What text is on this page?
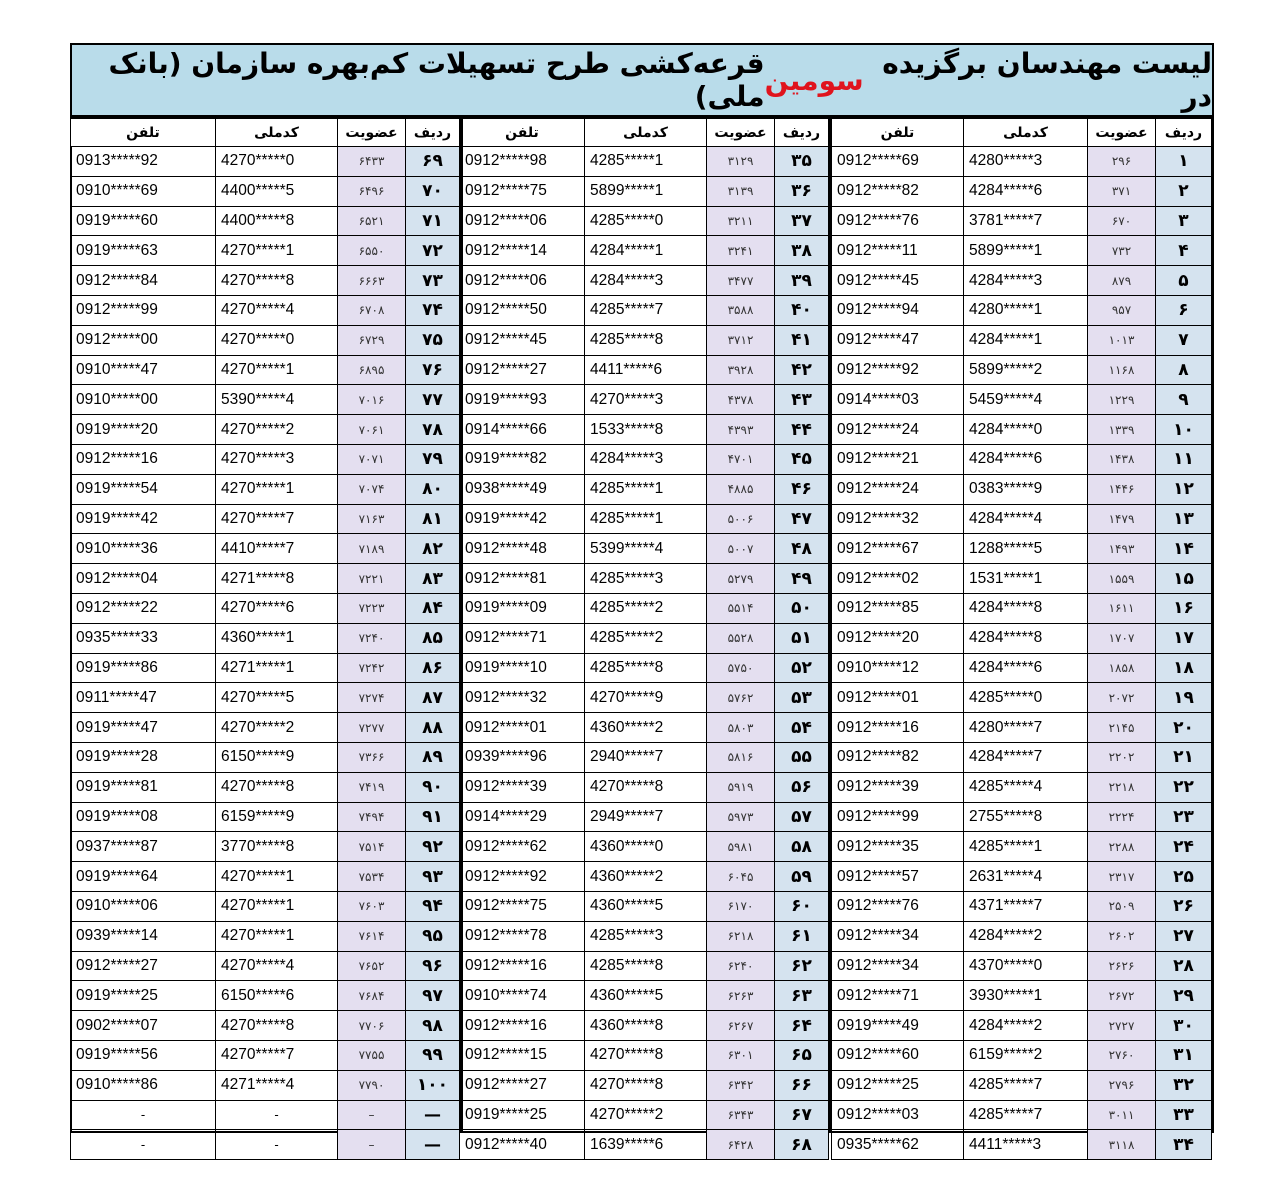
لیست مهندسان برگزیده در
سومین
قرعه‌کشی طرح تسهیلات کم‌بهره سازمان (بانک ملی)
ردیف	عضویت	کدملی	تلفن
۱	۲۹۶	4280*****3	0912*****69
۲	۳۷۱	4284*****6	0912*****82
۳	۶۷۰	3781*****7	0912*****76
۴	۷۳۲	5899*****1	0912*****11
۵	۸۷۹	4284*****3	0912*****45
۶	۹۵۷	4280*****1	0912*****94
۷	۱۰۱۳	4284*****1	0912*****47
۸	۱۱۶۸	5899*****2	0912*****92
۹	۱۲۲۹	5459*****4	0914*****03
۱۰	۱۳۳۹	4284*****0	0912*****24
۱۱	۱۴۳۸	4284*****6	0912*****21
۱۲	۱۴۴۶	0383*****9	0912*****24
۱۳	۱۴۷۹	4284*****4	0912*****32
۱۴	۱۴۹۳	1288*****5	0912*****67
۱۵	۱۵۵۹	1531*****1	0912*****02
۱۶	۱۶۱۱	4284*****8	0912*****85
۱۷	۱۷۰۷	4284*****8	0912*****20
۱۸	۱۸۵۸	4284*****6	0910*****12
۱۹	۲۰۷۲	4285*****0	0912*****01
۲۰	۲۱۴۵	4280*****7	0912*****16
۲۱	۲۲۰۲	4284*****7	0912*****82
۲۲	۲۲۱۸	4285*****4	0912*****39
۲۳	۲۲۲۴	2755*****8	0912*****99
۲۴	۲۲۸۸	4285*****1	0912*****35
۲۵	۲۳۱۷	2631*****4	0912*****57
۲۶	۲۵۰۹	4371*****7	0912*****76
۲۷	۲۶۰۲	4284*****2	0912*****34
۲۸	۲۶۲۶	4370*****0	0912*****34
۲۹	۲۶۷۲	3930*****1	0912*****71
۳۰	۲۷۲۷	4284*****2	0919*****49
۳۱	۲۷۶۰	6159*****2	0912*****60
۳۲	۲۷۹۶	4285*****7	0912*****25
۳۳	۳۰۱۱	4285*****7	0912*****03
۳۴	۳۱۱۸	4411*****3	0935*****62
ردیف	عضویت	کدملی	تلفن
۳۵	۳۱۲۹	4285*****1	0912*****98
۳۶	۳۱۳۹	5899*****1	0912*****75
۳۷	۳۲۱۱	4285*****0	0912*****06
۳۸	۳۲۴۱	4284*****1	0912*****14
۳۹	۳۴۷۷	4284*****3	0912*****06
۴۰	۳۵۸۸	4285*****7	0912*****50
۴۱	۳۷۱۲	4285*****8	0912*****45
۴۲	۳۹۲۸	4411*****6	0912*****27
۴۳	۴۳۷۸	4270*****3	0919*****93
۴۴	۴۳۹۳	1533*****8	0914*****66
۴۵	۴۷۰۱	4284*****3	0919*****82
۴۶	۴۸۸۵	4285*****1	0938*****49
۴۷	۵۰۰۶	4285*****1	0919*****42
۴۸	۵۰۰۷	5399*****4	0912*****48
۴۹	۵۲۷۹	4285*****3	0912*****81
۵۰	۵۵۱۴	4285*****2	0919*****09
۵۱	۵۵۲۸	4285*****2	0912*****71
۵۲	۵۷۵۰	4285*****8	0919*****10
۵۳	۵۷۶۲	4270*****9	0912*****32
۵۴	۵۸۰۳	4360*****2	0912*****01
۵۵	۵۸۱۶	2940*****7	0939*****96
۵۶	۵۹۱۹	4270*****8	0912*****39
۵۷	۵۹۷۳	2949*****7	0914*****29
۵۸	۵۹۸۱	4360*****0	0912*****62
۵۹	۶۰۴۵	4360*****2	0912*****92
۶۰	۶۱۷۰	4360*****5	0912*****75
۶۱	۶۲۱۸	4285*****3	0912*****78
۶۲	۶۲۴۰	4285*****8	0912*****16
۶۳	۶۲۶۳	4360*****5	0910*****74
۶۴	۶۲۶۷	4360*****8	0912*****16
۶۵	۶۳۰۱	4270*****8	0912*****15
۶۶	۶۳۴۲	4270*****8	0912*****27
۶۷	۶۳۴۳	4270*****2	0919*****25
۶۸	۶۴۲۸	1639*****6	0912*****40
ردیف	عضویت	کدملی	تلفن
۶۹	۶۴۳۳	4270*****0	0913*****92
۷۰	۶۴۹۶	4400*****5	0910*****69
۷۱	۶۵۲۱	4400*****8	0919*****60
۷۲	۶۵۵۰	4270*****1	0919*****63
۷۳	۶۶۶۳	4270*****8	0912*****84
۷۴	۶۷۰۸	4270*****4	0912*****99
۷۵	۶۷۲۹	4270*****0	0912*****00
۷۶	۶۸۹۵	4270*****1	0910*****47
۷۷	۷۰۱۶	5390*****4	0910*****00
۷۸	۷۰۶۱	4270*****2	0919*****20
۷۹	۷۰۷۱	4270*****3	0912*****16
۸۰	۷۰۷۴	4270*****1	0919*****54
۸۱	۷۱۶۳	4270*****7	0919*****42
۸۲	۷۱۸۹	4410*****7	0910*****36
۸۳	۷۲۲۱	4271*****8	0912*****04
۸۴	۷۲۲۳	4270*****6	0912*****22
۸۵	۷۲۴۰	4360*****1	0935*****33
۸۶	۷۲۴۲	4271*****1	0919*****86
۸۷	۷۲۷۴	4270*****5	0911*****47
۸۸	۷۲۷۷	4270*****2	0919*****47
۸۹	۷۳۶۶	6150*****9	0919*****28
۹۰	۷۴۱۹	4270*****8	0919*****81
۹۱	۷۴۹۴	6159*****9	0919*****08
۹۲	۷۵۱۴	3770*****8	0937*****87
۹۳	۷۵۳۴	4270*****1	0919*****64
۹۴	۷۶۰۳	4270*****1	0910*****06
۹۵	۷۶۱۴	4270*****1	0939*****14
۹۶	۷۶۵۲	4270*****4	0912*****27
۹۷	۷۶۸۴	6150*****6	0919*****25
۹۸	۷۷۰۶	4270*****8	0902*****07
۹۹	۷۷۵۵	4270*****7	0919*****56
۱۰۰	۷۷۹۰	4271*****4	0910*****86
—	–	-	-
—	–	-	-
